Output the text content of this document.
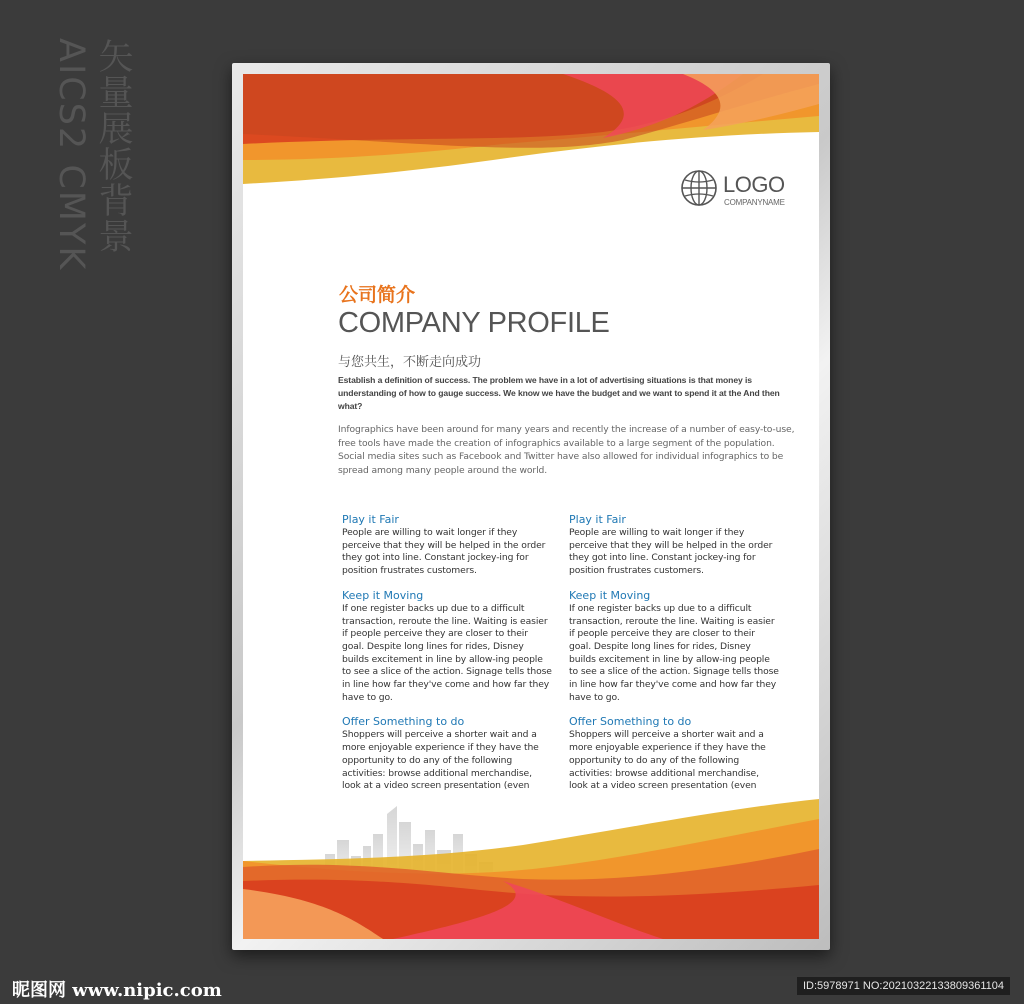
AICS2 CMYK 矢量展板背景	LOGO
COMPANYNAME
公司简介
COMPANY PROFILE
与您共生，不断走向成功
Establish a definition of success. The problem we have in a lot of advertising situations is that money is understanding of how to gauge success. We know we have the budget and we want to spend it at the And then what?
Infographics have been around for many years and recently the increase of a number of easy-to-use, free tools have made the creation of infographics available to a large segment of the population. Social media sites such as Facebook and Twitter have also allowed for individual infographics to be spread among many people around the world.
Play it Fair
People are willing to wait longer if they perceive that they will be helped in the order they got into line. Constant jockey-ing for position frustrates customers.
Keep it Moving
If one register backs up due to a difficult transaction, reroute the line. Waiting is easier if people perceive they are closer to their goal. Despite long lines for rides, Disney builds excitement in line by allow-ing people to see a slice of the action. Signage tells those in line how far they've come and how far they have to go.
Offer Something to do
Shoppers will perceive a shorter wait and a more enjoyable experience if they have the opportunity to do any of the following activities: browse additional merchandise, look at a video screen presentation (even
Play it Fair
People are willing to wait longer if they perceive that they will be helped in the order they got into line. Constant jockey-ing for position frustrates customers.
Keep it Moving
If one register backs up due to a difficult transaction, reroute the line. Waiting is easier if people perceive they are closer to their goal. Despite long lines for rides, Disney builds excitement in line by allow-ing people to see a slice of the action. Signage tells those in line how far they've come and how far they have to go.
Offer Something to do
Shoppers will perceive a shorter wait and a more enjoyable experience if they have the opportunity to do any of the following activities: browse additional merchandise, look at a video screen presentation (even
昵图网 www.nipic.com	ID:5978971 NO:20210322133809361104
